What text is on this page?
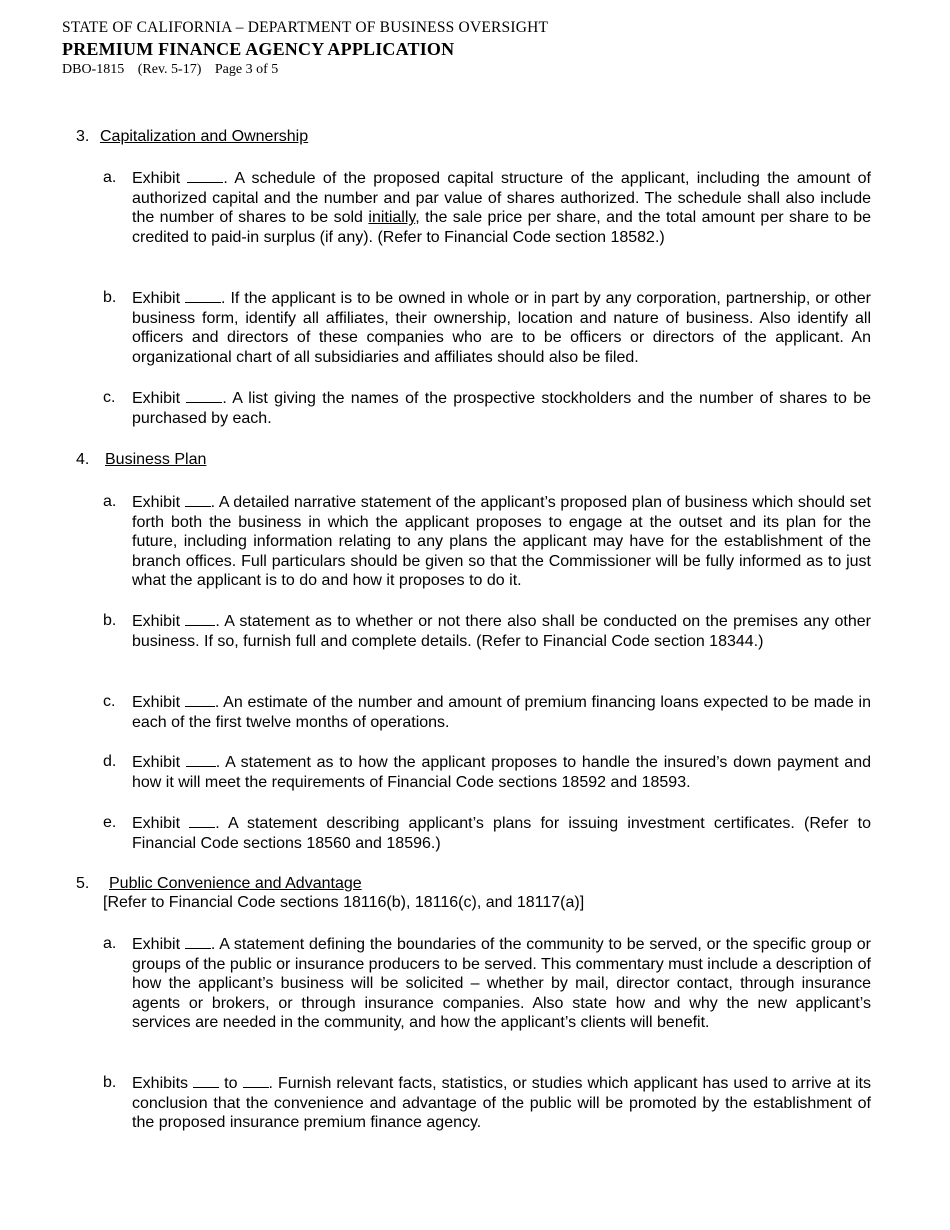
STATE OF CALIFORNIA – DEPARTMENT OF BUSINESS OVERSIGHT
PREMIUM FINANCE AGENCY APPLICATION
DBO-1815 (Rev. 5-17) Page 3 of 5
3. Capitalization and Ownership
a. Exhibit	. A schedule of the proposed capital structure of the applicant, including the amount of authorized capital and the number and par value of shares authorized. The schedule shall also include the number of shares to be sold initially, the sale price per share, and the total amount per share to be credited to paid-in surplus (if any). (Refer to Financial Code section 18582.)
b. Exhibit	. If the applicant is to be owned in whole or in part by any corporation, partnership, or other business form, identify all affiliates, their ownership, location and nature of business. Also identify all officers and directors of these companies who are to be officers or directors of the applicant. An organizational chart of all subsidiaries and affiliates should also be filed.
c. Exhibit	. A list giving the names of the prospective stockholders and the number of shares to be purchased by each.
4. Business Plan
a. Exhibit . A detailed narrative statement of the applicant’s proposed plan of business which should set forth both the business in which the applicant proposes to engage at the outset and its plan for the future, including information relating to any plans the applicant may have for the establishment of the branch offices. Full particulars should be given so that the Commissioner will be fully informed as to just what the applicant is to do and how it proposes to do it.
b. Exhibit . A statement as to whether or not there also shall be conducted on the premises any other business. If so, furnish full and complete details. (Refer to Financial Code section 18344.)
c. Exhibit . An estimate of the number and amount of premium financing loans expected to be made in each of the first twelve months of operations.
d. Exhibit . A statement as to how the applicant proposes to handle the insured’s down payment and how it will meet the requirements of Financial Code sections 18592 and 18593.
e. Exhibit . A statement describing applicant’s plans for issuing investment certificates. (Refer to Financial Code sections 18560 and 18596.)
5. Public Convenience and Advantage
[Refer to Financial Code sections 18116(b), 18116(c), and 18117(a)]
a. Exhibit . A statement defining the boundaries of the community to be served, or the specific group or groups of the public or insurance producers to be served. This commentary must include a description of how the applicant’s business will be solicited – whether by mail, director contact, through insurance agents or brokers, or through insurance companies. Also state how and why the new applicant’s services are needed in the community, and how the applicant’s clients will benefit.
b. Exhibits to . Furnish relevant facts, statistics, or studies which applicant has used to arrive at its conclusion that the convenience and advantage of the public will be promoted by the establishment of the proposed insurance premium finance agency.
